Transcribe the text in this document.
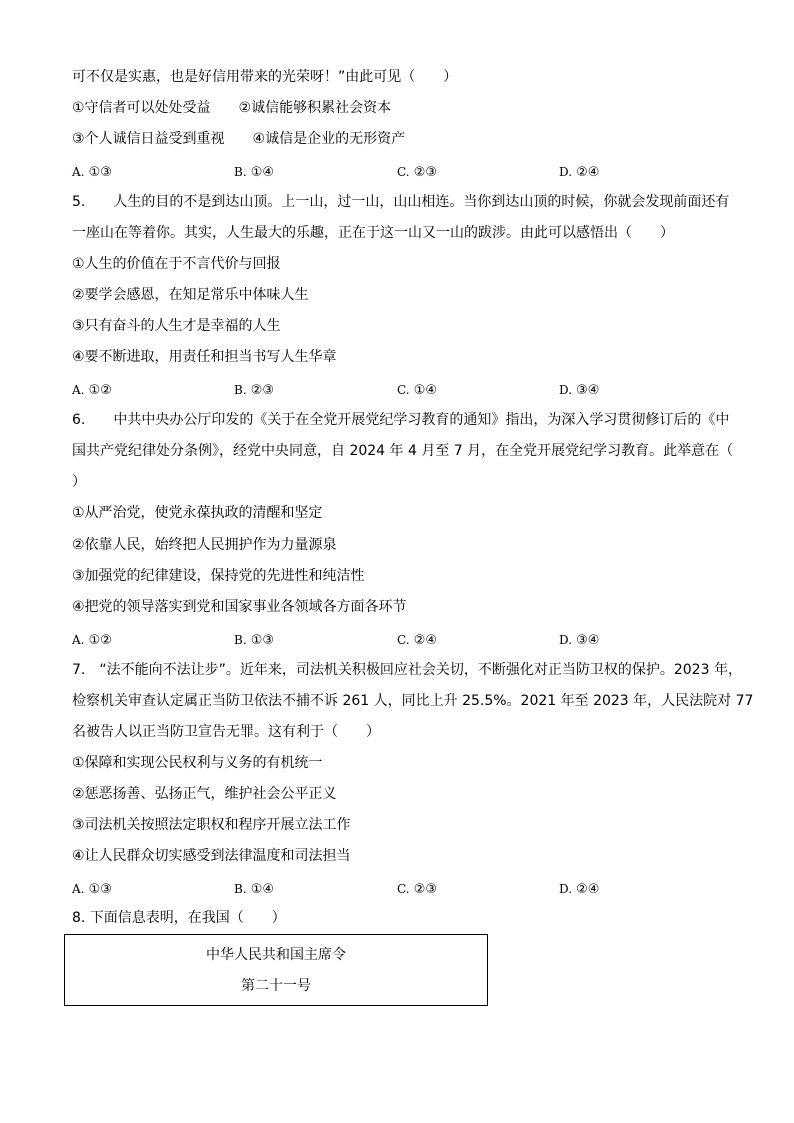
可不仅是实惠，也是好信用带来的光荣呀！”由此可见（　　）
①守信者可以处处受益　　②诚信能够积累社会资本
③个人诚信日益受到重视　　④诚信是企业的无形资产
A. ①③	B. ①④	C. ②③	D. ②④
5.　　人生的目的不是到达山顶。上一山，过一山，山山相连。当你到达山顶的时候，你就会发现前面还有
一座山在等着你。其实，人生最大的乐趣，正在于这一山又一山的跋涉。由此可以感悟出（　　）
①人生的价值在于不言代价与回报
②要学会感恩，在知足常乐中体味人生
③只有奋斗的人生才是幸福的人生
④要不断进取，用责任和担当书写人生华章
A. ①②	B. ②③	C. ①④	D. ③④
6.　　中共中央办公厅印发的《关于在全党开展党纪学习教育的通知》指出，为深入学习贯彻修订后的《中
国共产党纪律处分条例》，经党中央同意，自 2024 年 4 月至 7 月，在全党开展党纪学习教育。此举意在（
）
①从严治党，使党永葆执政的清醒和坚定
②依靠人民，始终把人民拥护作为力量源泉
③加强党的纪律建设，保持党的先进性和纯洁性
④把党的领导落实到党和国家事业各领域各方面各环节
A. ①②	B. ①③	C. ②④	D. ③④
7.　“法不能向不法让步”。近年来，司法机关积极回应社会关切，不断强化对正当防卫权的保护。2023 年，
检察机关审查认定属正当防卫依法不捕不诉 261 人，同比上升 25.5%。2021 年至 2023 年，人民法院对 77
名被告人以正当防卫宣告无罪。这有利于（　　）
①保障和实现公民权利与义务的有机统一
②惩恶扬善、弘扬正气，维护社会公平正义
③司法机关按照法定职权和程序开展立法工作
④让人民群众切实感受到法律温度和司法担当
A. ①③	B. ①④	C. ②③	D. ②④
8. 下面信息表明，在我国（　　）
中华人民共和国主席令
第二十一号
